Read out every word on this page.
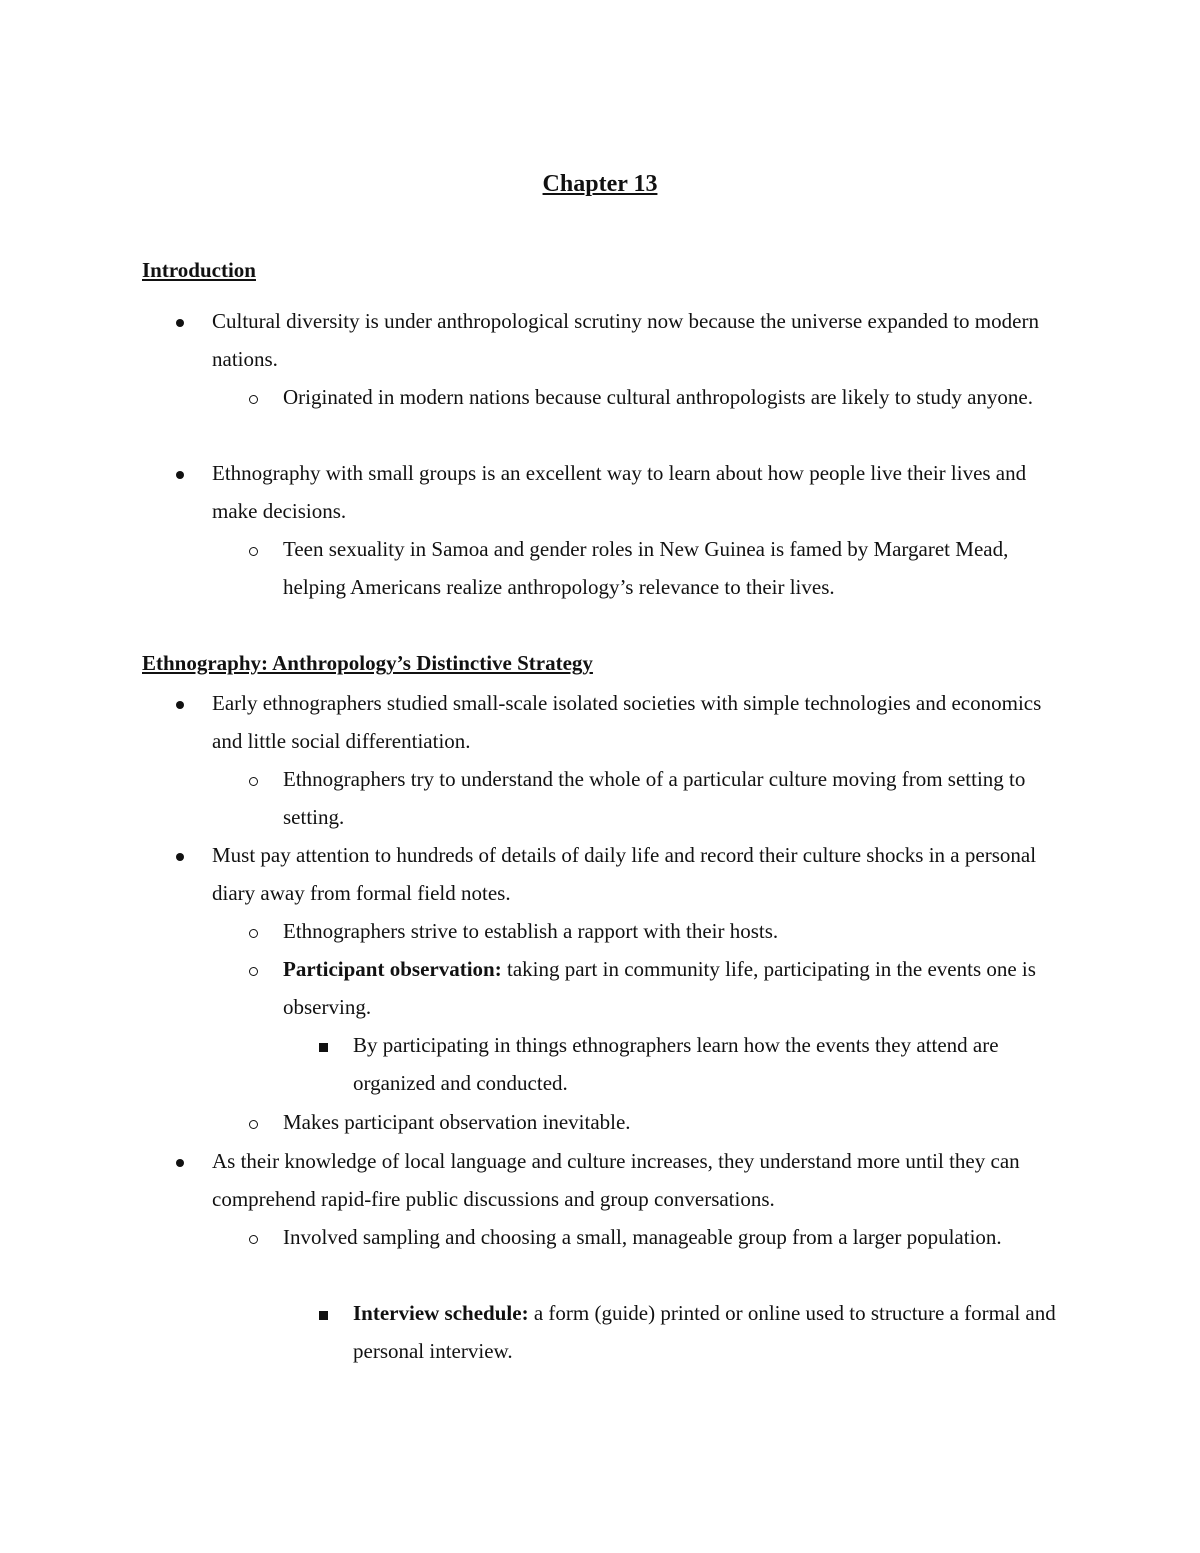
Chapter 13
Introduction

Cultural diversity is under anthropological scrutiny now because the universe expanded to modern nations.

Originated in modern nations because cultural anthropologists are likely to study anyone.

Ethnography with small groups is an excellent way to learn about how people live their lives and make decisions.

Teen sexuality in Samoa and gender roles in New Guinea is famed by Margaret Mead, helping Americans realize anthropology’s relevance to their lives.

Ethnography: Anthropology’s Distinctive Strategy

Early ethnographers studied small-scale isolated societies with simple technologies and economics and little social differentiation.

Ethnographers try to understand the whole of a particular culture moving from setting to setting.

Must pay attention to hundreds of details of daily life and record their culture shocks in a personal diary away from formal field notes.

Ethnographers strive to establish a rapport with their hosts.

Participant observation: taking part in community life, participating in the events one is observing.

By participating in things ethnographers learn how the events they attend are organized and conducted.

Makes participant observation inevitable.

As their knowledge of local language and culture increases, they understand more until they can comprehend rapid-fire public discussions and group conversations.

Involved sampling and choosing a small, manageable group from a larger population.

Interview schedule: a form (guide) printed or online used to structure a formal and personal interview.
